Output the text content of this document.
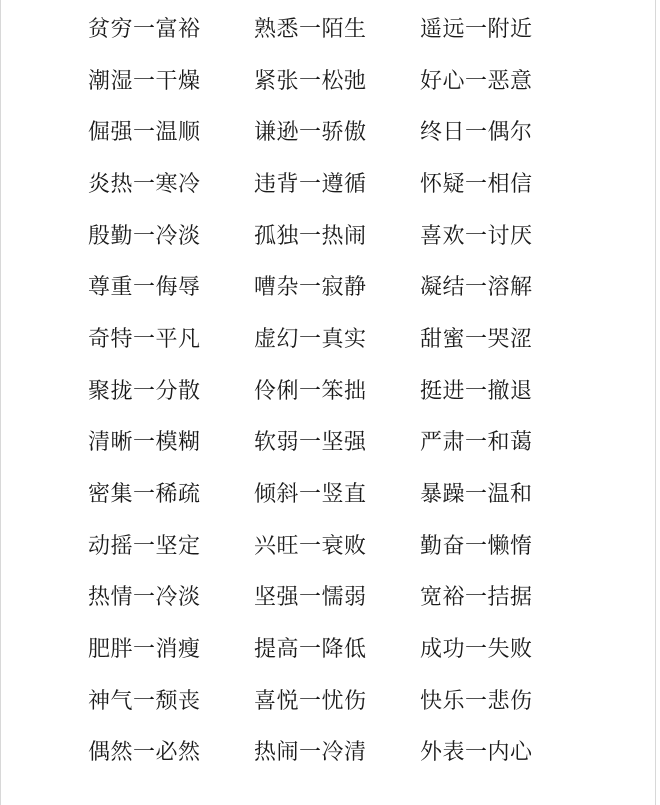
贫穷一富裕	熟悉一陌生	遥远一附近
潮湿一干燥	紧张一松弛	好心一恶意
倔强一温顺	谦逊一骄傲	终日一偶尔
炎热一寒冷	违背一遵循	怀疑一相信
殷勤一冷淡	孤独一热闹	喜欢一讨厌
尊重一侮辱	嘈杂一寂静	凝结一溶解
奇特一平凡	虚幻一真实	甜蜜一哭涩
聚拢一分散	伶俐一笨拙	挺进一撤退
清晰一模糊	软弱一坚强	严肃一和蔼
密集一稀疏	倾斜一竖直	暴躁一温和
动摇一坚定	兴旺一衰败	勤奋一懒惰
热情一冷淡	坚强一懦弱	宽裕一拮据
肥胖一消瘦	提高一降低	成功一失败
神气一颓丧	喜悦一忧伤	快乐一悲伤
偶然一必然	热闹一冷清	外表一内心
